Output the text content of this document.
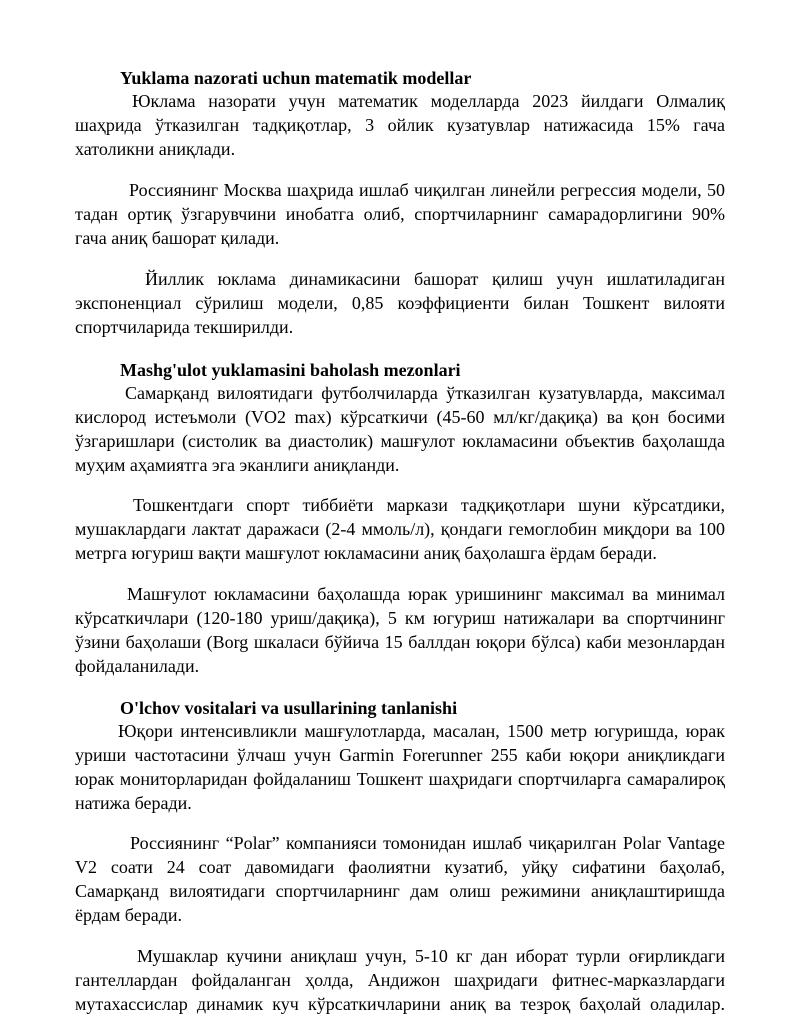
Yuklama nazorati uchun matematik modellar

Юклама назорати учун математик моделларда 2023 йилдаги Олмалиқ
шаҳрида ўтказилган тадқиқотлар, 3 ойлик кузатувлар натижасида 15% гача
хатоликни аниқлади.

Россиянинг Москва шаҳрида ишлаб чиқилган линейли регрессия модели, 50
тадан ортиқ ўзгарувчини инобатга олиб, спортчиларнинг самарадорлигини 90%
гача аниқ башорат қилади.

Йиллик юклама динамикасини башорат қилиш учун ишлатиладиган
экспоненциал сўрилиш модели, 0,85 коэффициенти билан Тошкент вилояти
спортчиларида текширилди.

Mashg'ulot yuklamasini baholash mezonlari

Самарқанд вилоятидаги футболчиларда ўтказилган кузатувларда, максимал
кислород истеъмоли (VO2 max) кўрсаткичи (45-60 мл/кг/дақиқа) ва қон босими
ўзгаришлари (систолик ва диастолик) машғулот юкламасини объектив баҳолашда
муҳим аҳамиятга эга эканлиги аниқланди.

Тошкентдаги спорт тиббиёти маркази тадқиқотлари шуни кўрсатдики,
мушаклардаги лактат даражаси (2-4 ммоль/л), қондаги гемоглобин миқдори ва 100
метрга югуриш вақти машғулот юкламасини аниқ баҳолашга ёрдам беради.

Машғулот юкламасини баҳолашда юрак уришининг максимал ва минимал
кўрсаткичлари (120-180 уриш/дақиқа), 5 км югуриш натижалари ва спортчининг
ўзини баҳолаши (Borg шкаласи бўйича 15 баллдан юқори бўлса) каби мезонлардан
фойдаланилади.

O'lchov vositalari va usullarining tanlanishi

Юқори интенсивликли машғулотларда, масалан, 1500 метр югуришда, юрак
уриши частотасини ўлчаш учун Garmin Forerunner 255 каби юқори аниқликдаги
юрак мониторларидан фойдаланиш Тошкент шаҳридаги спортчиларга самаралироқ
натижа беради.

Россиянинг “Polar” компанияси томонидан ишлаб чиқарилган Polar Vantage
V2 соати 24 соат давомидаги фаолиятни кузатиб, уйқу сифатини баҳолаб,
Самарқанд вилоятидаги спортчиларнинг дам олиш режимини аниқлаштиришда
ёрдам беради.

Мушаклар кучини аниқлаш учун, 5-10 кг дан иборат турли оғирликдаги
гантеллардан фойдаланган ҳолда, Андижон шаҳридаги фитнес-марказлардаги
мутахассислар динамик куч кўрсаткичларини аниқ ва тезроқ баҳолай оладилар.
